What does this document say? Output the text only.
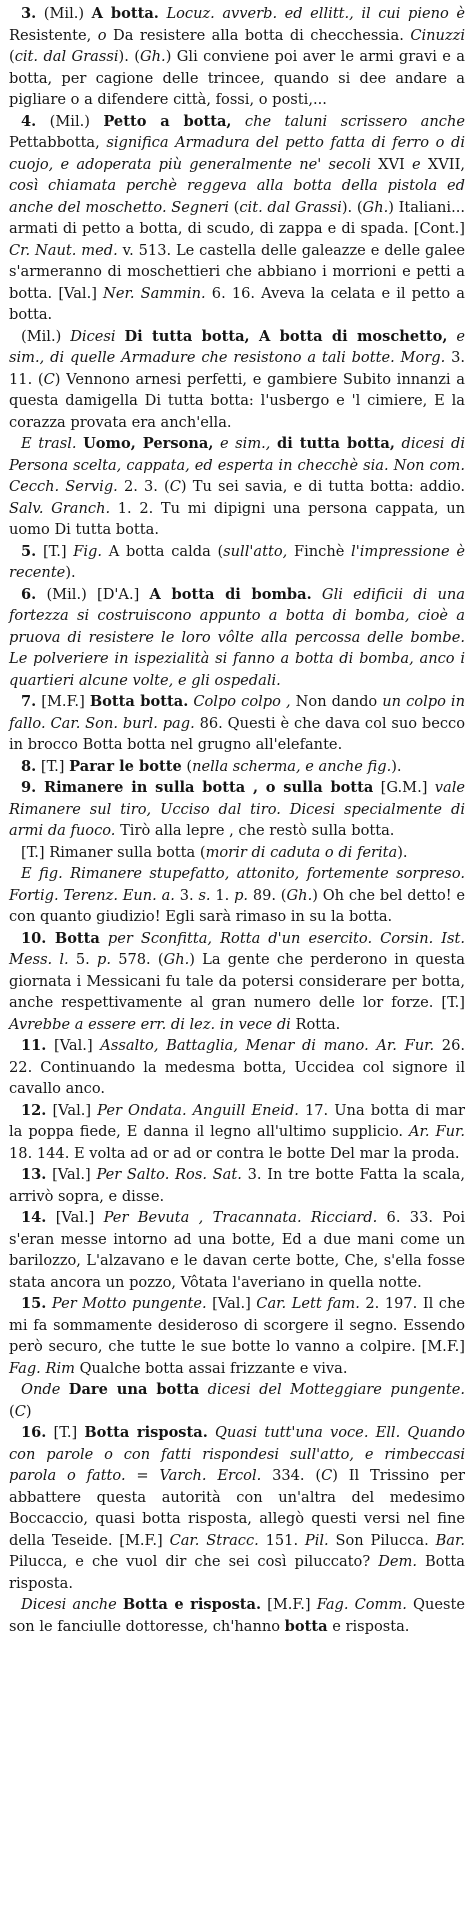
3. (Mil.) A botta. Locuz. avverb. ed ellitt., il cui pieno è Resistente, o Da resistere alla botta di checchessia. Cinuzzi (cit. dal Grassi). (Gh.) Gli conviene poi aver le armi gravi e a botta, per cagione delle trincee, quando si dee andare a pigliare o a difendere città, fossi, o posti,...

4. (Mil.) Petto a botta, che taluni scrissero anche Pettabbotta, significa Armadura del petto fatta di ferro o di cuojo, e adoperata più generalmente ne' secoli XVI e XVII, così chiamata perchè reggeva alla botta della pistola ed anche del moschetto. Segneri (cit. dal Grassi). (Gh.) Italiani... armati di petto a botta, di scudo, di zappa e di spada. [Cont.] Cr. Naut. med. v. 513. Le castella delle galeazze e delle galee s'armeranno di moschettieri che abbiano i morrioni e petti a botta. [Val.] Ner. Sammin. 6. 16. Aveva la celata e il petto a botta.

(Mil.) Dicesi Di tutta botta, A botta di moschetto, e sim., di quelle Armadure che resistono a tali botte. Morg. 3. 11. (C) Vennono arnesi perfetti, e gambiere Subito innanzi a questa damigella Di tutta botta: l'usbergo e 'l cimiere, E la corazza provata era anch'ella.

E trasl. Uomo, Persona, e sim., di tutta botta, dicesi di Persona scelta, cappata, ed esperta in checchè sia. Non com. Cecch. Servig. 2. 3. (C) Tu sei savia, e di tutta botta: addio. Salv. Granch. 1. 2. Tu mi dipigni una persona cappata, un uomo Di tutta botta.

5. [T.] Fig. A botta calda (sull'atto, Finchè l'impressione è recente).

6. (Mil.) [D'A.] A botta di bomba. Gli edificii di una fortezza si costruiscono appunto a botta di bomba, cioè a pruova di resistere le loro vôlte alla percossa delle bombe. Le polveriere in ispezialità si fanno a botta di bomba, anco i quartieri alcune volte, e gli ospedali.

7. [M.F.] Botta botta. Colpo colpo , Non dando un colpo in fallo. Car. Son. burl. pag. 86. Questi è che dava col suo becco in brocco Botta botta nel grugno all'elefante.

8. [T.] Parar le botte (nella scherma, e anche fig.).

9. Rimanere in sulla botta , o sulla botta [G.M.] vale Rimanere sul tiro, Ucciso dal tiro. Dicesi specialmente di armi da fuoco. Tirò alla lepre , che restò sulla botta.

[T.] Rimaner sulla botta (morir di caduta o di ferita).

E fig. Rimanere stupefatto, attonito, fortemente sorpreso. Fortig. Terenz. Eun. a. 3. s. 1. p. 89. (Gh.) Oh che bel detto! e con quanto giudizio! Egli sarà rimaso in su la botta.

10. Botta per Sconfitta, Rotta d'un esercito. Corsin. Ist. Mess. l. 5. p. 578. (Gh.) La gente che perderono in questa giornata i Messicani fu tale da potersi considerare per botta, anche respettivamente al gran numero delle lor forze. [T.] Avrebbe a essere err. di lez. in vece di Rotta.

11. [Val.] Assalto, Battaglia, Menar di mano. Ar. Fur. 26. 22. Continuando la medesma botta, Uccidea col signore il cavallo anco.

12. [Val.] Per Ondata. Anguill Eneid. 17. Una botta di mar la poppa fiede, E danna il legno all'ultimo supplicio. Ar. Fur. 18. 144. E volta ad or ad or contra le botte Del mar la proda.

13. [Val.] Per Salto. Ros. Sat. 3. In tre botte Fatta la scala, arrivò sopra, e disse.

14. [Val.] Per Bevuta , Tracannata. Ricciard. 6. 33. Poi s'eran messe intorno ad una botte, Ed a due mani come un barilozzo, L'alzavano e le davan certe botte, Che, s'ella fosse stata ancora un pozzo, Vôtata l'averiano in quella notte.

15. Per Motto pungente. [Val.] Car. Lett fam. 2. 197. Il che mi fa sommamente desideroso di scorgere il segno. Essendo però securo, che tutte le sue botte lo vanno a colpire. [M.F.] Fag. Rim Qualche botta assai frizzante e viva.

Onde Dare una botta dicesi del Motteggiare pungente. (C)

16. [T.] Botta risposta. Quasi tutt'una voce. Ell. Quando con parole o con fatti rispondesi sull'atto, e rimbeccasi parola o fatto. = Varch. Ercol. 334. (C) Il Trissino per abbattere questa autorità con un'altra del medesimo Boccaccio, quasi botta risposta, allegò questi versi nel fine della Teseide. [M.F.] Car. Stracc. 151. Pil. Son Pilucca. Bar. Pilucca, e che vuol dir che sei così piluccato? Dem. Botta risposta.

Dicesi anche Botta e risposta. [M.F.] Fag. Comm. Queste son le fanciulle dottoresse, ch'hanno botta e risposta.
